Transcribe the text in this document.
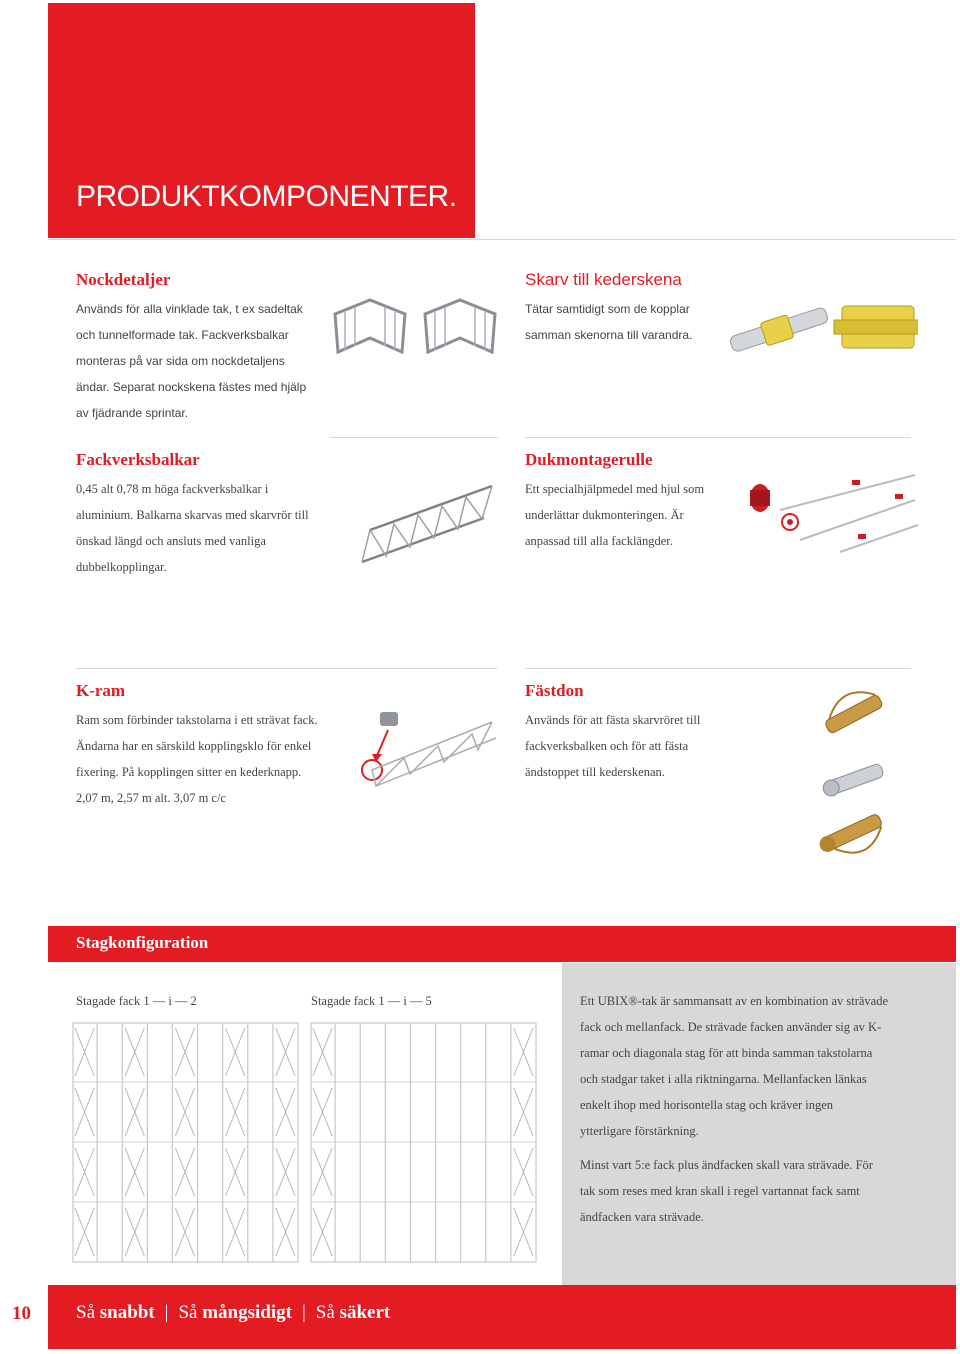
PRODUKTKOMPONENTER.
Nockdetaljer

Används för alla vinklade tak, t ex sadeltak
och tunnelformade tak. Fackverksbalkar
monteras på var sida om nockdetaljens
ändar. Separat nockskena fästes med hjälp
av fjädrande sprintar.

Skarv till kederskena

Tätar samtidigt som de kopplar
samman skenorna till varandra.

Fackverksbalkar

0,45 alt 0,78 m höga fackverksbalkar i
aluminium. Balkarna skarvas med skarvrör till
önskad längd och ansluts med vanliga
dubbelkopplingar.

Dukmontagerulle

Ett specialhjälpmedel med hjul som
underlättar dukmonteringen. Är
anpassad till alla facklängder.

K-ram

Ram som förbinder takstolarna i ett strävat fack.
Ändarna har en särskild kopplingsklo för enkel
fixering. På kopplingen sitter en kederknapp.
2,07 m, 2,57 m alt. 3,07 m c/c

Fästdon

Används för att fästa skarvröret till
fackverksbalken och för att fästa
ändstoppet till kederskenan.

Stagkonfiguration
Stagade fack 1 — i — 2	Stagade fack 1 — i — 5	Ett UBIX®-tak är sammansatt av en kombination av strävade
fack och mellanfack. De strävade facken använder sig av K-
ramar och diagonala stag för att binda samman takstolarna
och stadgar taket i alla riktningarna. Mellanfacken länkas
enkelt ihop med horisontella stag och kräver ingen
ytterligare förstärkning.

Minst vart 5:e fack plus ändfacken skall vara strävade. För
tak som reses med kran skall i regel vartannat fack samt
ändfacken vara strävade.

10 Så snabbt | Så mångsidigt | Så säkert
